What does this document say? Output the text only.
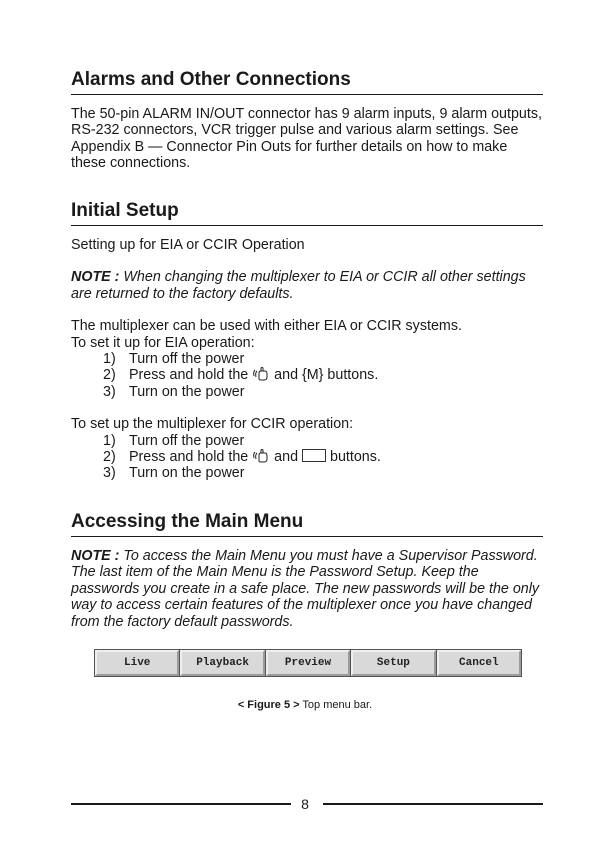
Alarms and Other Connections

The 50-pin ALARM IN/OUT connector has 9 alarm inputs, 9 alarm outputs, RS-232 connectors, VCR trigger pulse and various alarm settings. See Appendix B — Connector Pin Outs for further details on how to make these connections.

Initial Setup

Setting up for EIA or CCIR Operation

NOTE : When changing the multiplexer to EIA or CCIR all other settings are returned to the factory defaults.

The multiplexer can be used with either EIA or CCIR systems.

To set it up for EIA operation:

1) Turn off the power
2) Press and hold the  and {M} buttons.
3) Turn on the power

To set up the multiplexer for CCIR operation:

1) Turn off the power
2) Press and hold the  and  buttons.
3) Turn on the power
Accessing the Main Menu

NOTE : To access the Main Menu you must have a Supervisor Password. The last item of the Main Menu is the Password Setup. Keep the passwords you create in a safe place. The new passwords will be the only way to access certain features of the multiplexer once you have changed from the factory default passwords.

Live	Playback	Preview	Setup	Cancel
< Figure 5 > Top menu bar.
8
